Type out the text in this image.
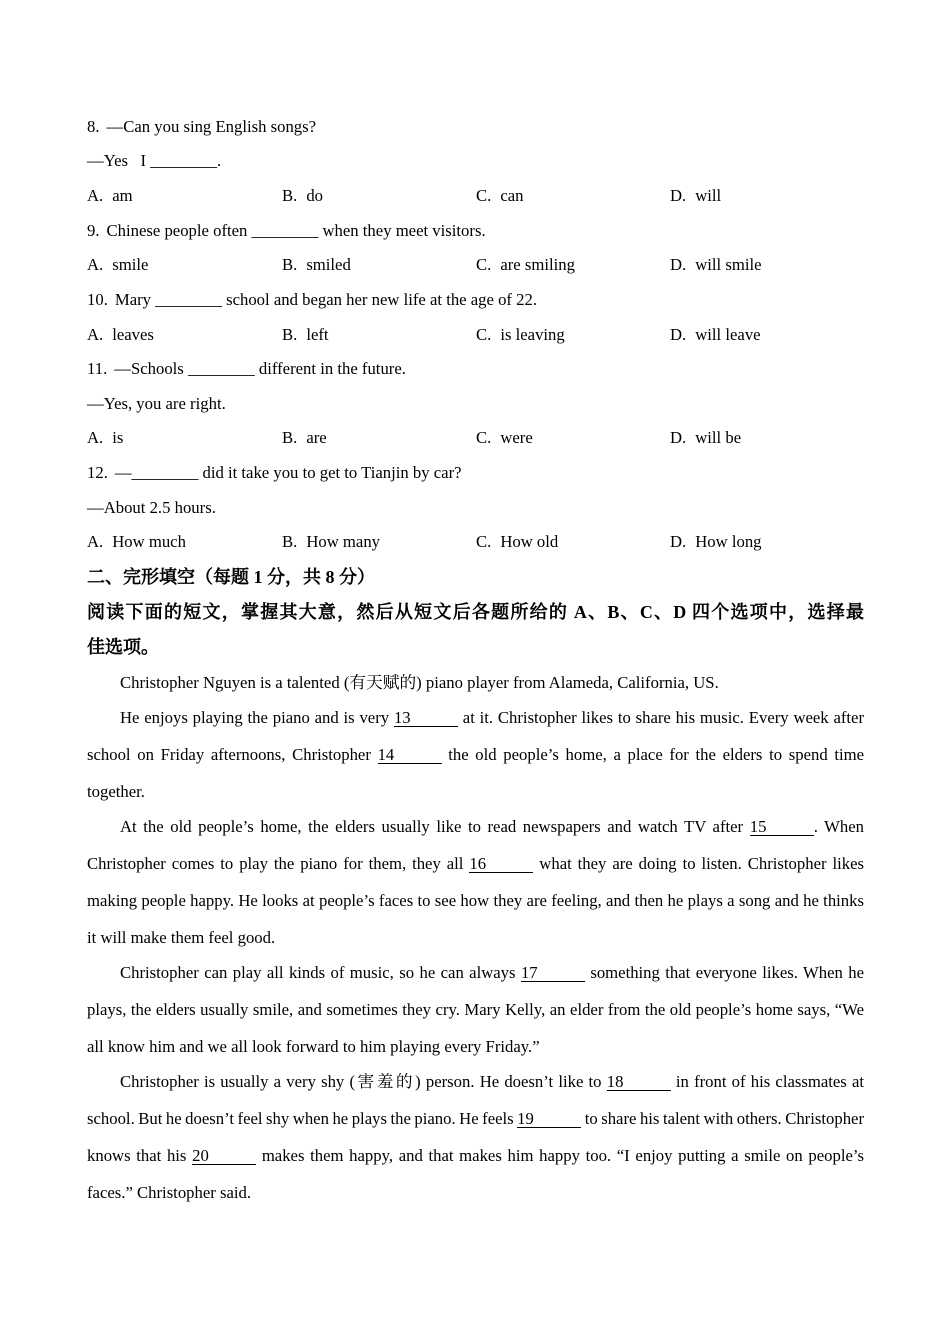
8. —Can you sing English songs?
—Yes   I ________.
A. am	B. do	C. can	D. will
9. Chinese people often ________ when they meet visitors.
A. smile	B. smiled	C. are smiling	D. will smile
10. Mary ________ school and began her new life at the age of 22.
A. leaves	B. left	C. is leaving	D. will leave
11. —Schools ________ different in the future.
—Yes, you are right.
A. is	B. are	C. were	D. will be
12. —________ did it take you to get to Tianjin by car?
—About 2.5 hours.
A. How much	B. How many	C. How old	D. How long
二、完形填空（每题 1 分，共 8 分）
阅读下面的短文，掌握其大意，然后从短文后各题所给的 A、B、C、D 四个选项中，选择最
佳选项。
Christopher Nguyen is a talented (有天赋的) piano player from Alameda, California, US.
He enjoys playing the piano and is very 13	at it. Christopher likes to share his music. Every week after
school on Friday afternoons, Christopher 14	the old people’s home, a place for the elders to spend time
together.
At the old people’s home, the elders usually like to read newspapers and watch TV after 15	. When
Christopher comes to play the piano for them, they all 16	what they are doing to listen. Christopher likes
making people happy. He looks at people’s faces to see how they are feeling, and then he plays a song and he thinks
it will make them feel good.
Christopher can play all kinds of music, so he can always 17	something that everyone likes. When he
plays, the elders usually smile, and sometimes they cry. Mary Kelly, an elder from the old people’s home says, “We
all know him and we all look forward to him playing every Friday.”
Christopher is usually a very shy (害羞的) person. He doesn’t like to 18	in front of his classmates at
school. But he doesn’t feel shy when he plays the piano. He feels 19	to share his talent with others. Christopher
knows that his 20	makes them happy, and that makes him happy too. “I enjoy putting a smile on people’s
faces.” Christopher said.
